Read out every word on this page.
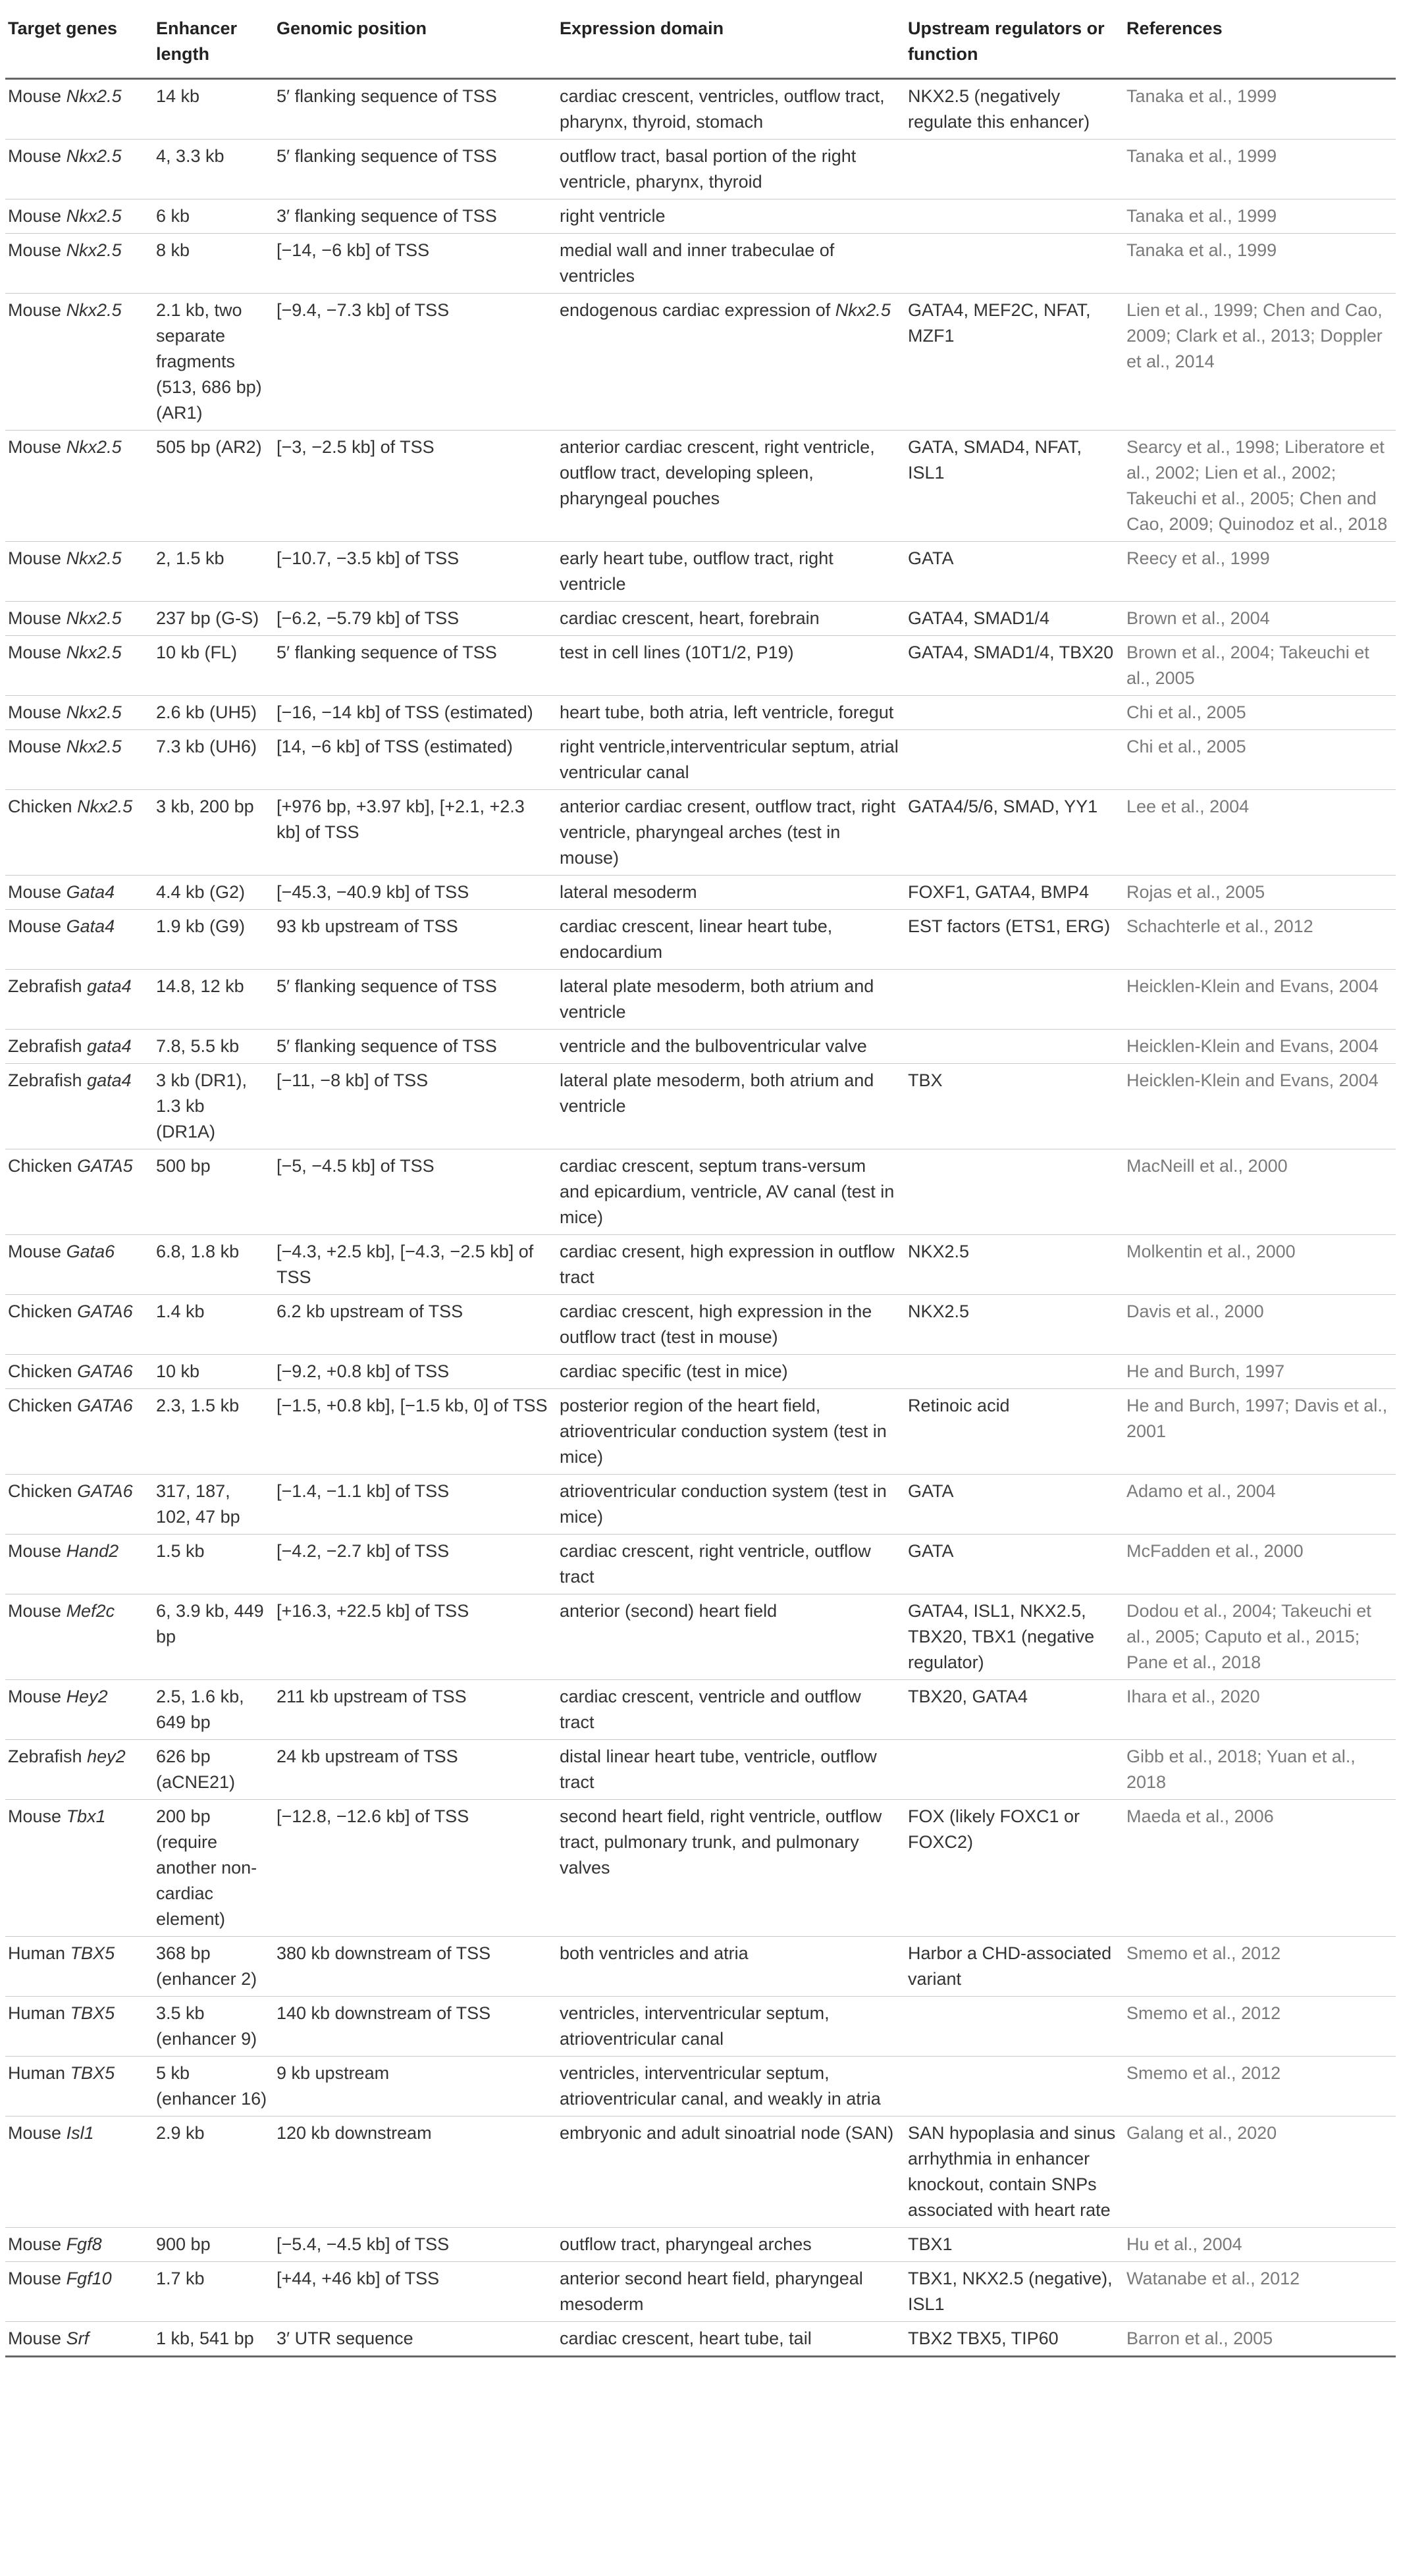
Target genes	Enhancer length	Genomic position	Expression domain	Upstream regulators or function	References
Mouse Nkx2.5	14 kb	5′ flanking sequence of TSS	cardiac crescent, ventricles, outflow tract, pharynx, thyroid, stomach	NKX2.5 (negatively regulate this enhancer)	Tanaka et al., 1999
Mouse Nkx2.5	4, 3.3 kb	5′ flanking sequence of TSS	outflow tract, basal portion of the right ventricle, pharynx, thyroid		Tanaka et al., 1999
Mouse Nkx2.5	6 kb	3′ flanking sequence of TSS	right ventricle		Tanaka et al., 1999
Mouse Nkx2.5	8 kb	[−14, −6 kb] of TSS	medial wall and inner trabeculae of ventricles		Tanaka et al., 1999
Mouse Nkx2.5	2.1 kb, two separate fragments (513, 686 bp) (AR1)	[−9.4, −7.3 kb] of TSS	endogenous cardiac expression of Nkx2.5	GATA4, MEF2C, NFAT, MZF1	Lien et al., 1999; Chen and Cao, 2009; Clark et al., 2013; Doppler et al., 2014
Mouse Nkx2.5	505 bp (AR2)	[−3, −2.5 kb] of TSS	anterior cardiac crescent, right ventricle, outflow tract, developing spleen, pharyngeal pouches	GATA, SMAD4, NFAT, ISL1	Searcy et al., 1998; Liberatore et al., 2002; Lien et al., 2002; Takeuchi et al., 2005; Chen and Cao, 2009; Quinodoz et al., 2018
Mouse Nkx2.5	2, 1.5 kb	[−10.7, −3.5 kb] of TSS	early heart tube, outflow tract, right ventricle	GATA	Reecy et al., 1999
Mouse Nkx2.5	237 bp (G-S)	[−6.2, −5.79 kb] of TSS	cardiac crescent, heart, forebrain	GATA4, SMAD1/4	Brown et al., 2004
Mouse Nkx2.5	10 kb (FL)	5′ flanking sequence of TSS	test in cell lines (10T1/2, P19)	GATA4, SMAD1/4, TBX20	Brown et al., 2004; Takeuchi et al., 2005
Mouse Nkx2.5	2.6 kb (UH5)	[−16, −14 kb] of TSS (estimated)	heart tube, both atria, left ventricle, foregut		Chi et al., 2005
Mouse Nkx2.5	7.3 kb (UH6)	[14, −6 kb] of TSS (estimated)	right ventricle,interventricular septum, atrial ventricular canal		Chi et al., 2005
Chicken Nkx2.5	3 kb, 200 bp	[+976 bp, +3.97 kb], [+2.1, +2.3 kb] of TSS	anterior cardiac cresent, outflow tract, right ventricle, pharyngeal arches (test in mouse)	GATA4/5/6, SMAD, YY1	Lee et al., 2004
Mouse Gata4	4.4 kb (G2)	[−45.3, −40.9 kb] of TSS	lateral mesoderm	FOXF1, GATA4, BMP4	Rojas et al., 2005
Mouse Gata4	1.9 kb (G9)	93 kb upstream of TSS	cardiac crescent, linear heart tube, endocardium	EST factors (ETS1, ERG)	Schachterle et al., 2012
Zebrafish gata4	14.8, 12 kb	5′ flanking sequence of TSS	lateral plate mesoderm, both atrium and ventricle		Heicklen-Klein and Evans, 2004
Zebrafish gata4	7.8, 5.5 kb	5′ flanking sequence of TSS	ventricle and the bulboventricular valve		Heicklen-Klein and Evans, 2004
Zebrafish gata4	3 kb (DR1), 1.3 kb (DR1A)	[−11, −8 kb] of TSS	lateral plate mesoderm, both atrium and ventricle	TBX	Heicklen-Klein and Evans, 2004
Chicken GATA5	500 bp	[−5, −4.5 kb] of TSS	cardiac crescent, septum trans-versum and epicardium, ventricle, AV canal (test in mice)		MacNeill et al., 2000
Mouse Gata6	6.8, 1.8 kb	[−4.3, +2.5 kb], [−4.3, −2.5 kb] of TSS	cardiac cresent, high expression in outflow tract	NKX2.5	Molkentin et al., 2000
Chicken GATA6	1.4 kb	6.2 kb upstream of TSS	cardiac crescent, high expression in the outflow tract (test in mouse)	NKX2.5	Davis et al., 2000
Chicken GATA6	10 kb	[−9.2, +0.8 kb] of TSS	cardiac specific (test in mice)		He and Burch, 1997
Chicken GATA6	2.3, 1.5 kb	[−1.5, +0.8 kb], [−1.5 kb, 0] of TSS	posterior region of the heart field, atrioventricular conduction system (test in mice)	Retinoic acid	He and Burch, 1997; Davis et al., 2001
Chicken GATA6	317, 187, 102, 47 bp	[−1.4, −1.1 kb] of TSS	atrioventricular conduction system (test in mice)	GATA	Adamo et al., 2004
Mouse Hand2	1.5 kb	[−4.2, −2.7 kb] of TSS	cardiac crescent, right ventricle, outflow tract	GATA	McFadden et al., 2000
Mouse Mef2c	6, 3.9 kb, 449 bp	[+16.3, +22.5 kb] of TSS	anterior (second) heart field	GATA4, ISL1, NKX2.5, TBX20, TBX1 (negative regulator)	Dodou et al., 2004; Takeuchi et al., 2005; Caputo et al., 2015; Pane et al., 2018
Mouse Hey2	2.5, 1.6 kb, 649 bp	211 kb upstream of TSS	cardiac crescent, ventricle and outflow tract	TBX20, GATA4	Ihara et al., 2020
Zebrafish hey2	626 bp (aCNE21)	24 kb upstream of TSS	distal linear heart tube, ventricle, outflow tract		Gibb et al., 2018; Yuan et al., 2018
Mouse Tbx1	200 bp (require another non-cardiac element)	[−12.8, −12.6 kb] of TSS	second heart field, right ventricle, outflow tract, pulmonary trunk, and pulmonary valves	FOX (likely FOXC1 or FOXC2)	Maeda et al., 2006
Human TBX5	368 bp (enhancer 2)	380 kb downstream of TSS	both ventricles and atria	Harbor a CHD-associated variant	Smemo et al., 2012
Human TBX5	3.5 kb (enhancer 9)	140 kb downstream of TSS	ventricles, interventricular septum, atrioventricular canal		Smemo et al., 2012
Human TBX5	5 kb (enhancer 16)	9 kb upstream	ventricles, interventricular septum, atrioventricular canal, and weakly in atria		Smemo et al., 2012
Mouse Isl1	2.9 kb	120 kb downstream	embryonic and adult sinoatrial node (SAN)	SAN hypoplasia and sinus arrhythmia in enhancer knockout, contain SNPs associated with heart rate	Galang et al., 2020
Mouse Fgf8	900 bp	[−5.4, −4.5 kb] of TSS	outflow tract, pharyngeal arches	TBX1	Hu et al., 2004
Mouse Fgf10	1.7 kb	[+44, +46 kb] of TSS	anterior second heart field, pharyngeal mesoderm	TBX1, NKX2.5 (negative), ISL1	Watanabe et al., 2012
Mouse Srf	1 kb, 541 bp	3′ UTR sequence	cardiac crescent, heart tube, tail	TBX2 TBX5, TIP60	Barron et al., 2005
